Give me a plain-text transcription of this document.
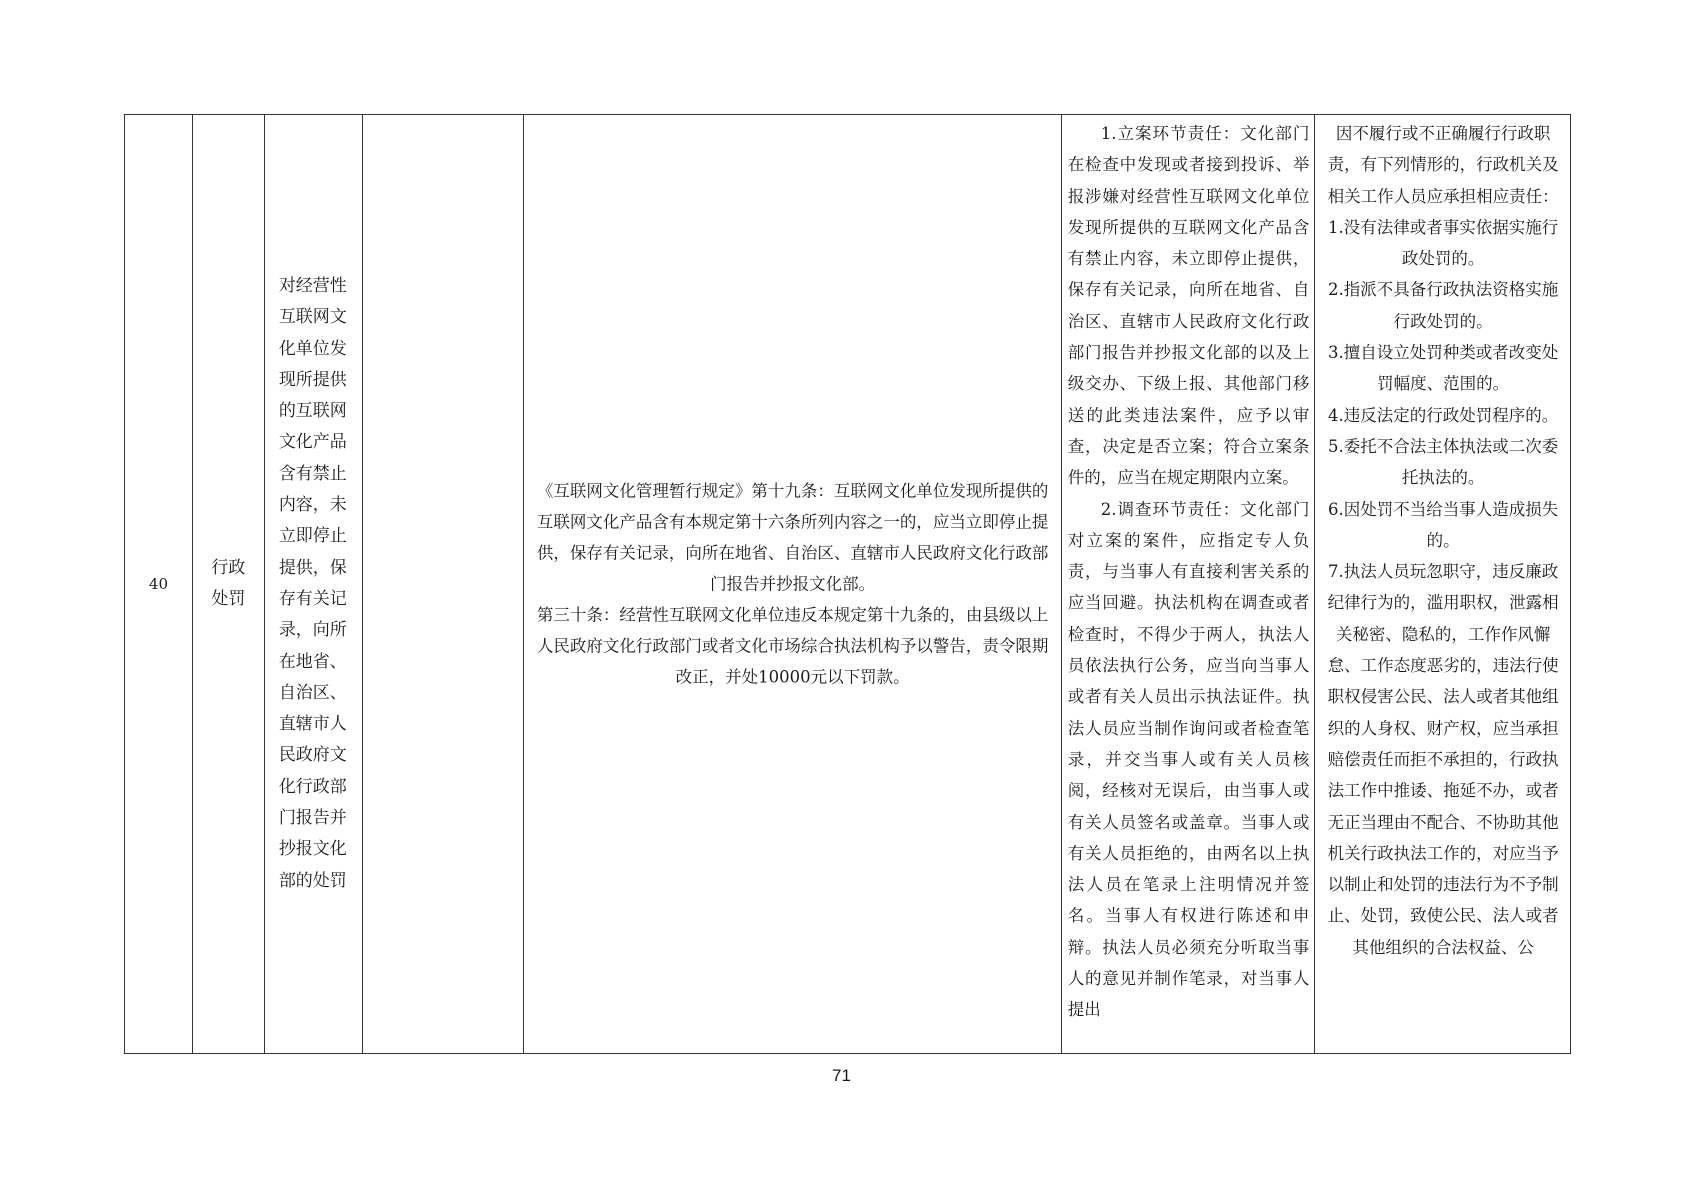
40
行政
处罚
对经营性互联网文化单位发现所提供的互联网文化产品含有禁止内容，未立即停止提供，保存有关记录，向所在地省、自治区、直辖市人民政府文化行政部门报告并抄报文化部的处罚

《互联网文化管理暂行规定》第十九条：互联网文化单位发现所提供的互联网文化产品含有本规定第十六条所列内容之一的，应当立即停止提供，保存有关记录，向所在地省、自治区、直辖市人民政府文化行政部门报告并抄报文化部。

第三十条：经营性互联网文化单位违反本规定第十九条的，由县级以上人民政府文化行政部门或者文化市场综合执法机构予以警告，责令限期改正，并处10000元以下罚款。

1.立案环节责任：文化部门在检查中发现或者接到投诉、举报涉嫌对经营性互联网文化单位发现所提供的互联网文化产品含有禁止内容，未立即停止提供，保存有关记录，向所在地省、自治区、直辖市人民政府文化行政部门报告并抄报文化部的以及上级交办、下级上报、其他部门移送的此类违法案件，应予以审查，决定是否立案；符合立案条件的，应当在规定期限内立案。

2.调查环节责任：文化部门对立案的案件，应指定专人负责，与当事人有直接利害关系的应当回避。执法机构在调查或者检查时，不得少于两人，执法人员依法执行公务，应当向当事人或者有关人员出示执法证件。执法人员应当制作询问或者检查笔录，并交当事人或有关人员核阅，经核对无误后，由当事人或有关人员签名或盖章。当事人或有关人员拒绝的，由两名以上执法人员在笔录上注明情况并签名。当事人有权进行陈述和申辩。执法人员必须充分听取当事人的意见并制作笔录，对当事人提出

因不履行或不正确履行行政职责，有下列情形的，行政机关及相关工作人员应承担相应责任：

1.没有法律或者事实依据实施行政处罚的。

2.指派不具备行政执法资格实施行政处罚的。

3.擅自设立处罚种类或者改变处罚幅度、范围的。

4.违反法定的行政处罚程序的。

5.委托不合法主体执法或二次委托执法的。

6.因处罚不当给当事人造成损失的。

7.执法人员玩忽职守，违反廉政纪律行为的，滥用职权，泄露相关秘密、隐私的，工作作风懈怠、工作态度恶劣的，违法行使职权侵害公民、法人或者其他组织的人身权、财产权，应当承担赔偿责任而拒不承担的，行政执法工作中推诿、拖延不办，或者无正当理由不配合、不协助其他机关行政执法工作的，对应当予以制止和处罚的违法行为不予制止、处罚，致使公民、法人或者其他组织的合法权益、公

71
